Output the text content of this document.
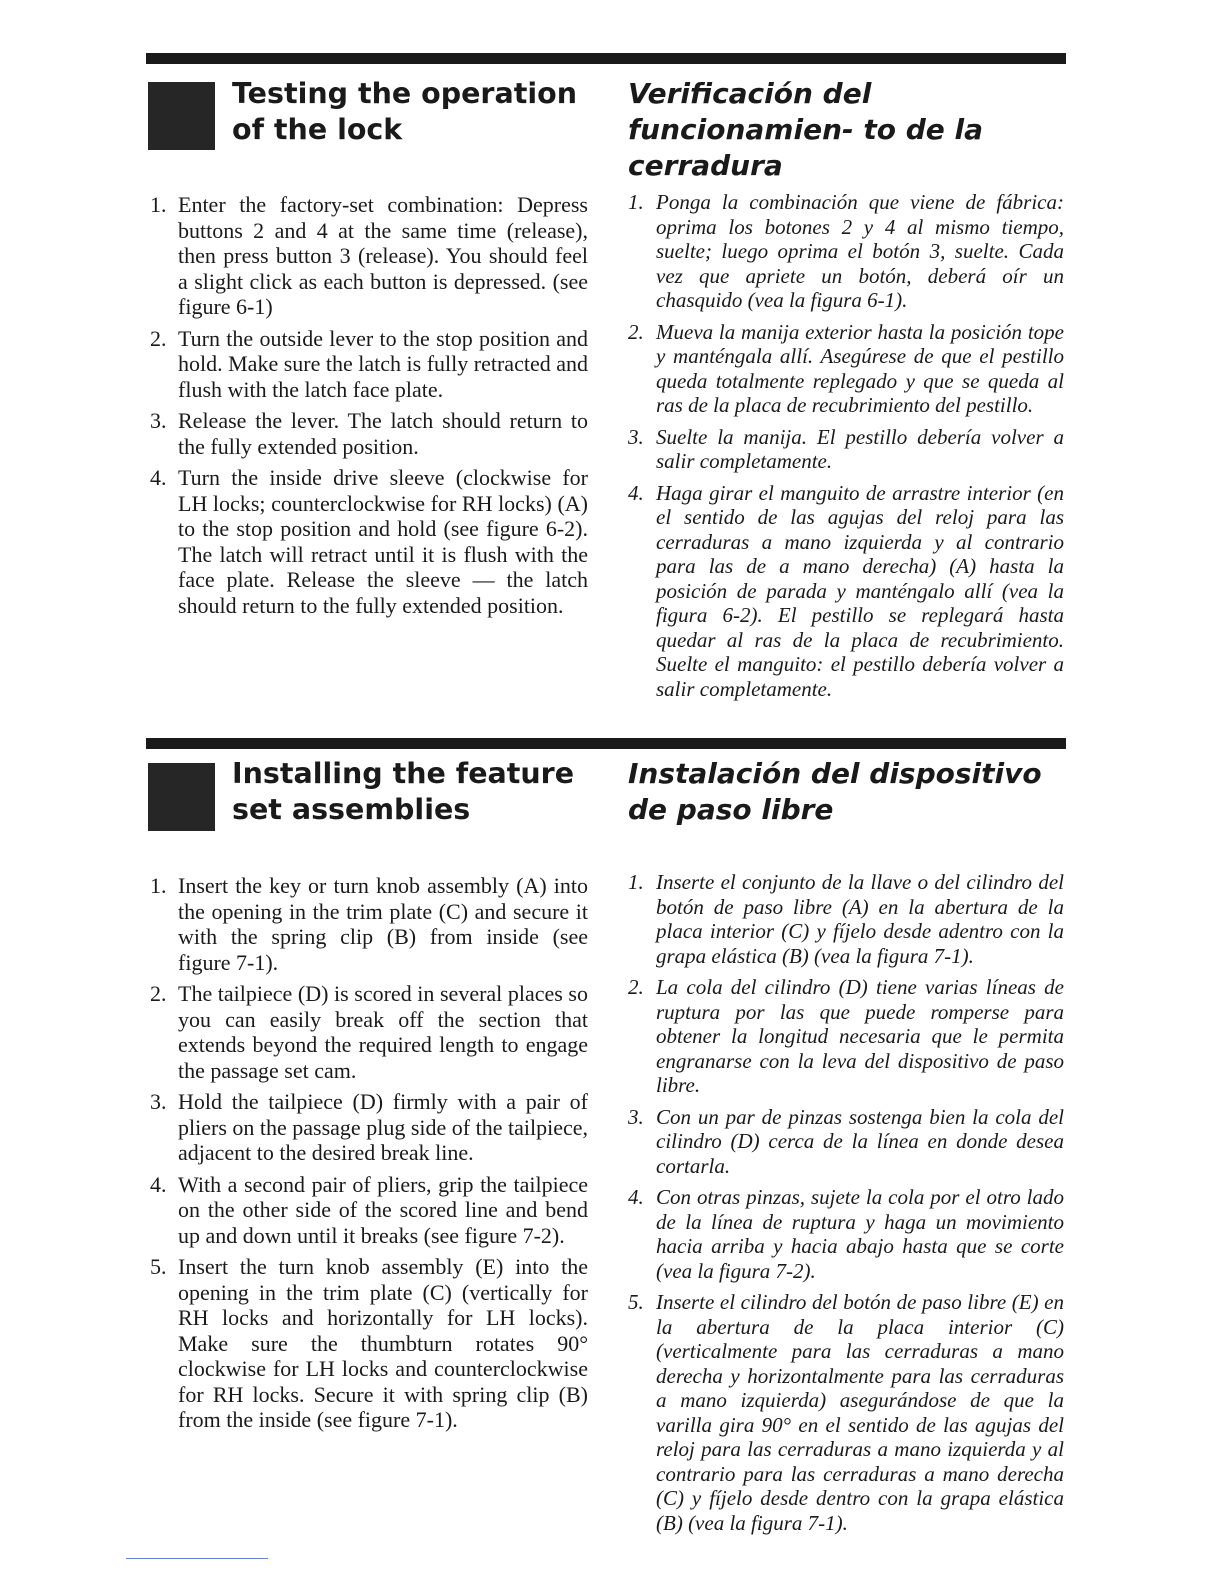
Testing the operation of the lock
Verificación del funcionamien- to de la cerradura
1. Enter the factory-set combination: Depress buttons 2 and 4 at the same time (release), then press button 3 (release). You should feel a slight click as each button is depressed. (see figure 6-1)
2. Turn the outside lever to the stop position and hold. Make sure the latch is fully retracted and flush with the latch face plate.
3. Release the lever. The latch should return to the fully extended position.
4. Turn the inside drive sleeve (clockwise for LH locks; counterclockwise for RH locks) (A) to the stop position and hold (see figure 6-2). The latch will retract until it is flush with the face plate. Release the sleeve — the latch should return to the fully extended position.
1. Ponga la combinación que viene de fábrica: oprima los botones 2 y 4 al mismo tiempo, suelte; luego oprima el botón 3, suelte. Cada vez que apriete un botón, deberá oír un chasquido (vea la figura 6-1).
2. Mueva la manija exterior hasta la posición tope y manténgala allí. Asegúrese de que el pestillo queda totalmente replegado y que se queda al ras de la placa de recubrimiento del pestillo.
3. Suelte la manija. El pestillo debería volver a salir completamente.
4. Haga girar el manguito de arrastre interior (en el sentido de las agujas del reloj para las cerraduras a mano izquierda y al contrario para las de a mano derecha) (A) hasta la posición de parada y manténgalo allí (vea la figura 6-2). El pestillo se replegará hasta quedar al ras de la placa de recubrimiento. Suelte el manguito: el pestillo debería volver a salir completamente.
Installing the feature set assemblies
Instalación del dispositivo de paso libre
1. Insert the key or turn knob assembly (A) into the opening in the trim plate (C) and secure it with the spring clip (B) from inside (see figure 7-1).
2. The tailpiece (D) is scored in several places so you can easily break off the section that extends beyond the required length to engage the passage set cam.
3. Hold the tailpiece (D) firmly with a pair of pliers on the passage plug side of the tailpiece, adjacent to the desired break line.
4. With a second pair of pliers, grip the tailpiece on the other side of the scored line and bend up and down until it breaks (see figure 7-2).
5. Insert the turn knob assembly (E) into the opening in the trim plate (C) (vertically for RH locks and horizontally for LH locks). Make sure the thumbturn rotates 90° clockwise for LH locks and counterclockwise for RH locks. Secure it with spring clip (B) from the inside (see figure 7-1).
1. Inserte el conjunto de la llave o del cilindro del botón de paso libre (A) en la abertura de la placa interior (C) y fíjelo desde adentro con la grapa elástica (B) (vea la figura 7-1).
2. La cola del cilindro (D) tiene varias líneas de ruptura por las que puede romperse para obtener la longitud necesaria que le permita engranarse con la leva del dispositivo de paso libre.
3. Con un par de pinzas sostenga bien la cola del cilindro (D) cerca de la línea en donde desea cortarla.
4. Con otras pinzas, sujete la cola por el otro lado de la línea de ruptura y haga un movimiento hacia arriba y hacia abajo hasta que se corte (vea la figura 7-2).
5. Inserte el cilindro del botón de paso libre (E) en la abertura de la placa interior (C) (verticalmente para las cerraduras a mano derecha y horizontalmente para las cerraduras a mano izquierda) asegurándose de que la varilla gira 90° en el sentido de las agujas del reloj para las cerraduras a mano izquierda y al contrario para las cerraduras a mano derecha (C) y fíjelo desde dentro con la grapa elástica (B) (vea la figura 7-1).
